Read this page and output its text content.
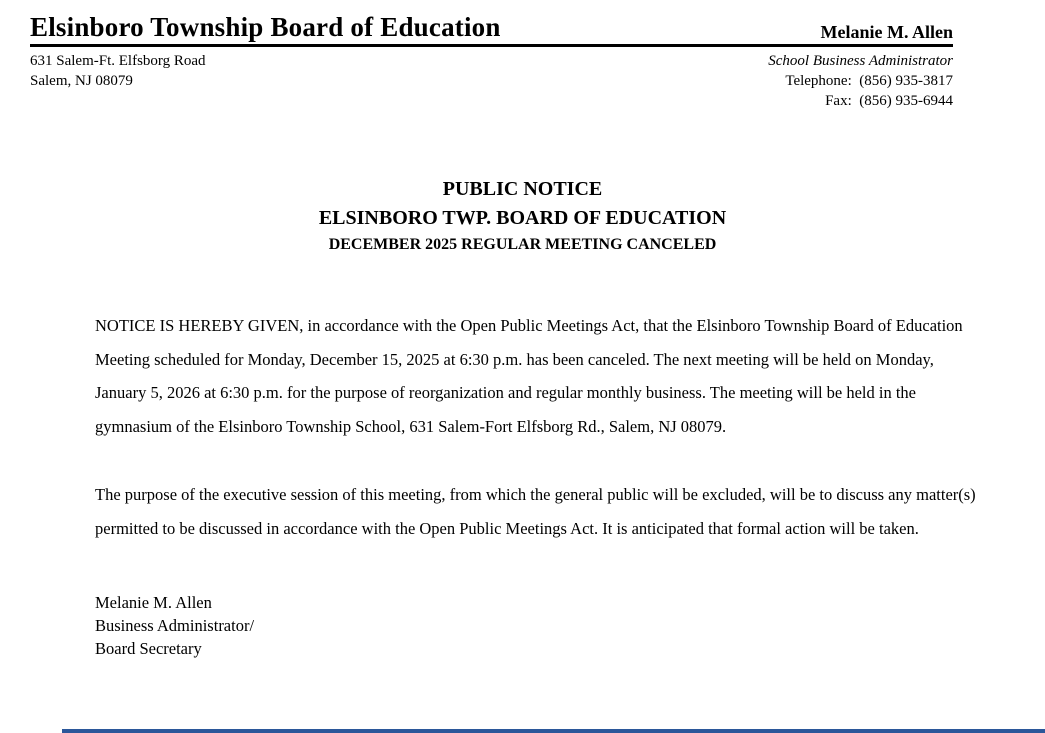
Elsinboro Township Board of Education	Melanie M. Allen
631 Salem-Ft. Elfsborg Road
Salem, NJ 08079
School Business Administrator
Telephone:  (856) 935-3817
Fax:  (856) 935-6944
PUBLIC NOTICE
ELSINBORO TWP. BOARD OF EDUCATION
DECEMBER 2025 REGULAR MEETING CANCELED

NOTICE IS HEREBY GIVEN, in accordance with the Open Public Meetings Act, that the Elsinboro Township Board of Education Meeting scheduled for Monday, December 15, 2025 at 6:30 p.m. has been canceled. The next meeting will be held on Monday, January 5, 2026 at 6:30 p.m. for the purpose of reorganization and regular monthly business. The meeting will be held in the gymnasium of the Elsinboro Township School, 631 Salem-Fort Elfsborg Rd., Salem, NJ 08079.

The purpose of the executive session of this meeting, from which the general public will be excluded, will be to discuss any matter(s) permitted to be discussed in accordance with the Open Public Meetings Act. It is anticipated that formal action will be taken.

Melanie M. Allen
Business Administrator/
Board Secretary
